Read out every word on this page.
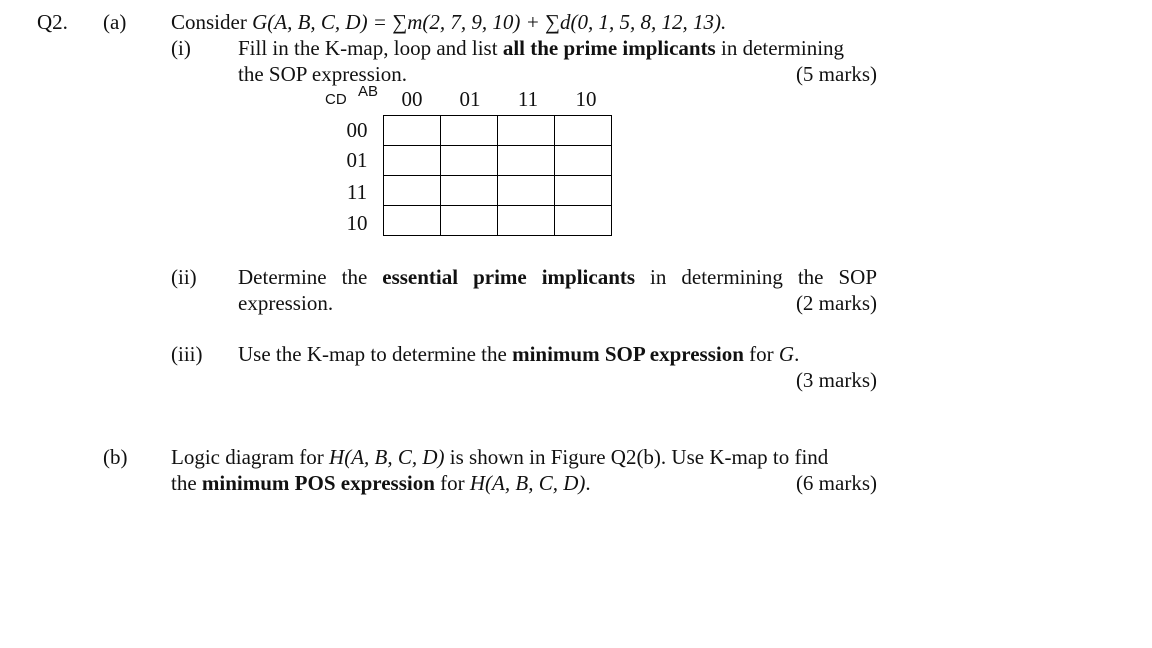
Q2. (a) Consider G(A, B, C, D) = ∑m(2, 7, 9, 10) + ∑d(0, 1, 5, 8, 12, 13).
(i) Fill in the K-map, loop and list all the prime implicants in determining
the SOP expression.	(5 marks)
CD AB	00	01	11	10
00
01
11
10

(ii) Determine the essential prime implicants in determining the SOP
expression.	(2 marks)
(iii) Use the K-map to determine the minimum SOP expression for G.
(3 marks)
(b) Logic diagram for H(A, B, C, D) is shown in Figure Q2(b). Use K-map to find
the minimum POS expression for H(A, B, C, D).	(6 marks)
